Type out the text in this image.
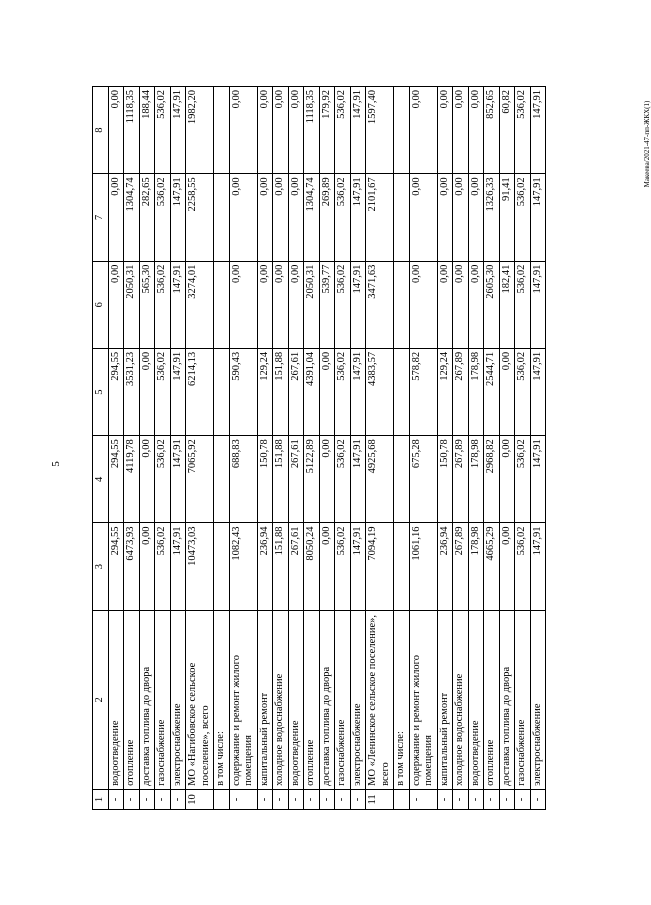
5
Макеева/2021-47-пп-ЖКХ(1)
1	2	3	4	5	6	7	8
-	водоотведение	294,55	294,55	294,55	0,00	0,00	0,00
-	отопление	6473,93	4119,78	3531,23	2050,31	1304,74	1118,35
-	доставка топлива до двора	0,00	0,00	0,00	565,30	282,65	188,44
-	газоснабжение	536,02	536,02	536,02	536,02	536,02	536,02
-	электроснабжение	147,91	147,91	147,91	147,91	147,91	147,91
10	МО «Нагибовское сельское поселение», всего	10473,03	7065,92	6214,13	3274,01	2258,55	1982,20
	в том числе:						
-	содержание и ремонт жилого помещения	1082,43	688,83	590,43	0,00	0,00	0,00
-	капитальный ремонт	236,94	150,78	129,24	0,00	0,00	0,00
-	холодное водоснабжение	151,88	151,88	151,88	0,00	0,00	0,00
-	водоотведение	267,61	267,61	267,61	0,00	0,00	0,00
-	отопление	8050,24	5122,89	4391,04	2050,31	1304,74	1118,35
-	доставка топлива до двора	0,00	0,00	0,00	539,77	269,89	179,92
-	газоснабжение	536,02	536,02	536,02	536,02	536,02	536,02
-	электроснабжение	147,91	147,91	147,91	147,91	147,91	147,91
11	МО «Ленинское сельское поселение», всего	7094,19	4925,68	4383,57	3471,63	2101,67	1597,40
	в том числе:						
-	содержание и ремонт жилого помещения	1061,16	675,28	578,82	0,00	0,00	0,00
-	капитальный ремонт	236,94	150,78	129,24	0,00	0,00	0,00
-	холодное водоснабжение	267,89	267,89	267,89	0,00	0,00	0,00
-	водоотведение	178,98	178,98	178,98	0,00	0,00	0,00
-	отопление	4665,29	2968,82	2544,71	2605,30	1326,33	852,65
-	доставка топлива до двора	0,00	0,00	0,00	182,41	91,41	60,82
-	газоснабжение	536,02	536,02	536,02	536,02	536,02	536,02
-	электроснабжение	147,91	147,91	147,91	147,91	147,91	147,91
